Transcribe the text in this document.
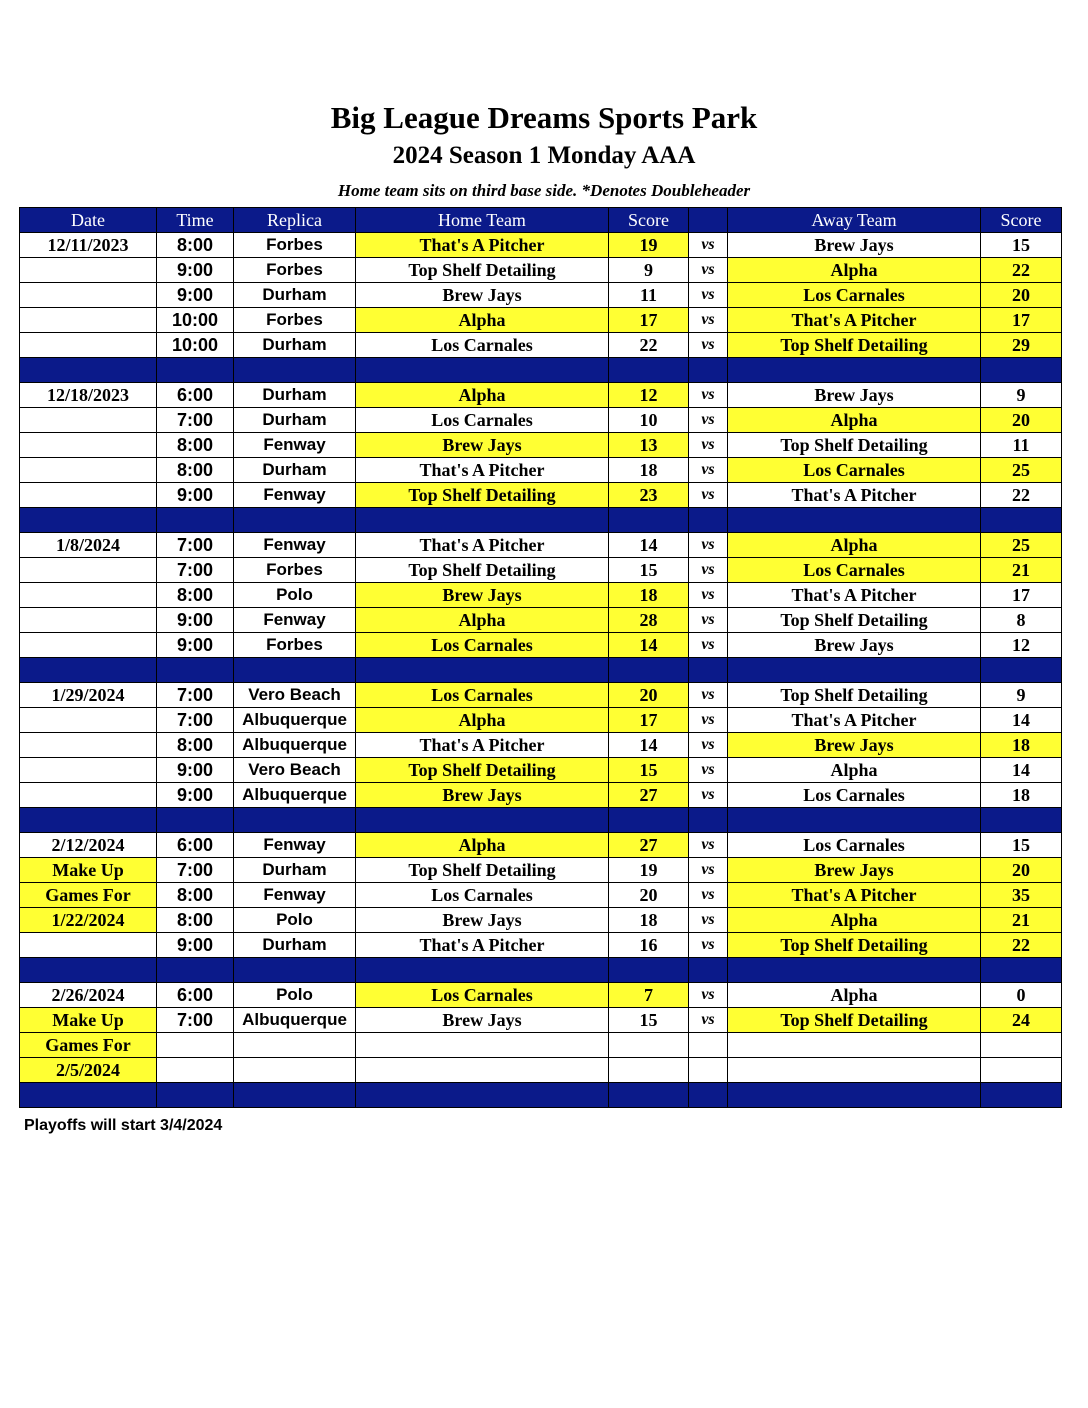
Big League Dreams Sports Park
2024 Season 1 Monday AAA
Home team sits on third base side. *Denotes Doubleheader
Date	Time	Replica	Home Team	Score		Away Team	Score
12/11/2023	8:00	Forbes	That's A Pitcher	19	vs	Brew Jays	15
	9:00	Forbes	Top Shelf Detailing	9	vs	Alpha	22
	9:00	Durham	Brew Jays	11	vs	Los Carnales	20
	10:00	Forbes	Alpha	17	vs	That's A Pitcher	17
	10:00	Durham	Los Carnales	22	vs	Top Shelf Detailing	29

12/18/2023	6:00	Durham	Alpha	12	vs	Brew Jays	9
	7:00	Durham	Los Carnales	10	vs	Alpha	20
	8:00	Fenway	Brew Jays	13	vs	Top Shelf Detailing	11
	8:00	Durham	That's A Pitcher	18	vs	Los Carnales	25
	9:00	Fenway	Top Shelf Detailing	23	vs	That's A Pitcher	22

1/8/2024	7:00	Fenway	That's A Pitcher	14	vs	Alpha	25
	7:00	Forbes	Top Shelf Detailing	15	vs	Los Carnales	21
	8:00	Polo	Brew Jays	18	vs	That's A Pitcher	17
	9:00	Fenway	Alpha	28	vs	Top Shelf Detailing	8
	9:00	Forbes	Los Carnales	14	vs	Brew Jays	12

1/29/2024	7:00	Vero Beach	Los Carnales	20	vs	Top Shelf Detailing	9
	7:00	Albuquerque	Alpha	17	vs	That's A Pitcher	14
	8:00	Albuquerque	That's A Pitcher	14	vs	Brew Jays	18
	9:00	Vero Beach	Top Shelf Detailing	15	vs	Alpha	14
	9:00	Albuquerque	Brew Jays	27	vs	Los Carnales	18

2/12/2024	6:00	Fenway	Alpha	27	vs	Los Carnales	15
Make Up	7:00	Durham	Top Shelf Detailing	19	vs	Brew Jays	20
Games For	8:00	Fenway	Los Carnales	20	vs	That's A Pitcher	35
1/22/2024	8:00	Polo	Brew Jays	18	vs	Alpha	21
	9:00	Durham	That's A Pitcher	16	vs	Top Shelf Detailing	22

2/26/2024	6:00	Polo	Los Carnales	7	vs	Alpha	0
Make Up	7:00	Albuquerque	Brew Jays	15	vs	Top Shelf Detailing	24
Games For							
2/5/2024							

Playoffs will start 3/4/2024
